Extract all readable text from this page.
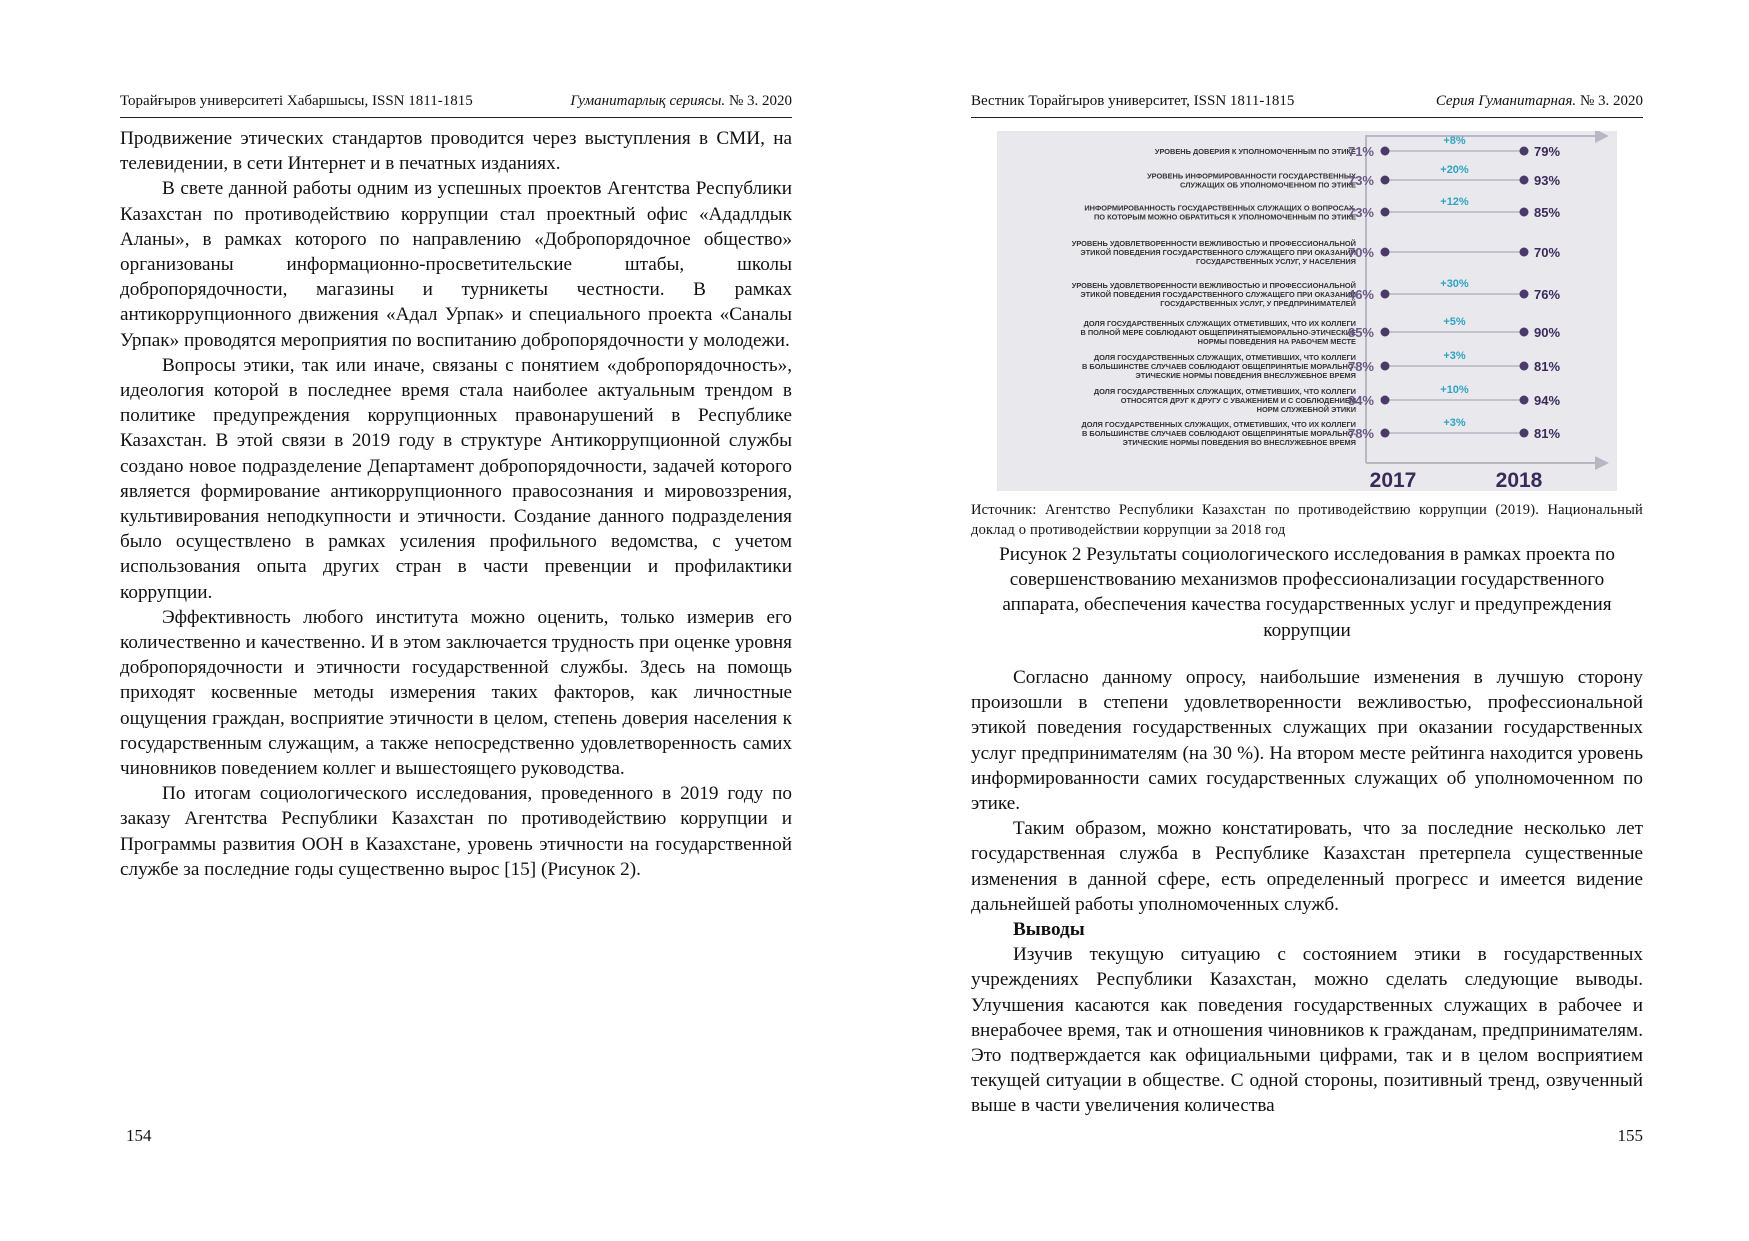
Торайғыров университеті Хабаршысы, ISSN 1811-1815	Гуманитарлық сериясы. № 3. 2020

Продвижение этических стандартов проводится через выступления в СМИ, на телевидении, в сети Интернет и в печатных изданиях.

В свете данной работы одним из успешных проектов Агентства Республики Казахстан по противодействию коррупции стал проектный офис «Ададлдык Аланы», в рамках которого по направлению «Добропорядочное общество» организованы информационно-просветительские штабы, школы добропорядочности, магазины и турникеты честности. В рамках антикоррупционного движения «Адал Урпак» и специального проекта «Саналы Урпак» проводятся мероприятия по воспитанию добропорядочности у молодежи.

Вопросы этики, так или иначе, связаны с понятием «добропорядочность», идеология которой в последнее время стала наиболее актуальным трендом в политике предупреждения коррупционных правонарушений в Республике Казахстан. В этой связи в 2019 году в структуре Антикоррупционной службы создано новое подразделение Департамент добропорядочности, задачей которого является формирование антикоррупционного правосознания и мировоззрения, культивирования неподкупности и этичности. Создание данного подразделения было осуществлено в рамках усиления профильного ведомства, с учетом использования опыта других стран в части превенции и профилактики коррупции.

Эффективность любого института можно оценить, только измерив его количественно и качественно. И в этом заключается трудность при оценке уровня добропорядочности и этичности государственной службы. Здесь на помощь приходят косвенные методы измерения таких факторов, как личностные ощущения граждан, восприятие этичности в целом, степень доверия населения к государственным служащим, а также непосредственно удовлетворенность самих чиновников поведением коллег и вышестоящего руководства.

По итогам социологического исследования, проведенного в 2019 году по заказу Агентства Республики Казахстан по противодействию коррупции и Программы развития ООН в Казахстане, уровень этичности на государственной службе за последние годы существенно вырос [15] (Рисунок 2).

154
Вестник Торайгыров университет, ISSN 1811-1815	Серия Гуманитарная. № 3. 2020
УРОВЕНЬ ДОВЕРИЯ К УПОЛНОМОЧЕННЫМ ПО ЭТИКЕ
71%	79%
+8%
УРОВЕНЬ ИНФОРМИРОВАННОСТИ ГОСУДАРСТВЕННЫХ
СЛУЖАЩИХ ОБ УПОЛНОМОЧЕННОМ ПО ЭТИКЕ
73%	93%
+20%
ИНФОРМИРОВАННОСТЬ ГОСУДАРСТВЕННЫХ СЛУЖАЩИХ О ВОПРОСАХ,
ПО КОТОРЫМ МОЖНО ОБРАТИТЬСЯ К УПОЛНОМОЧЕННЫМ ПО ЭТИКЕ
73%	85%
+12%
УРОВЕНЬ УДОВЛЕТВОРЕННОСТИ ВЕЖЛИВОСТЬЮ И ПРОФЕССИОНАЛЬНОЙ
ЭТИКОЙ ПОВЕДЕНИЯ ГОСУДАРСТВЕННОГО СЛУЖАЩЕГО ПРИ ОКАЗАНИИ
ГОСУДАРСТВЕННЫХ УСЛУГ, У НАСЕЛЕНИЯ
70%	70%
УРОВЕНЬ УДОВЛЕТВОРЕННОСТИ ВЕЖЛИВОСТЬЮ И ПРОФЕССИОНАЛЬНОЙ
ЭТИКОЙ ПОВЕДЕНИЯ ГОСУДАРСТВЕННОГО СЛУЖАЩЕГО ПРИ ОКАЗАНИИ
ГОСУДАРСТВЕННЫХ УСЛУГ, У ПРЕДПРИНИМАТЕЛЕЙ
46%	76%
+30%
ДОЛЯ ГОСУДАРСТВЕННЫХ СЛУЖАЩИХ ОТМЕТИВШИХ, ЧТО ИХ КОЛЛЕГИ
В ПОЛНОЙ МЕРЕ СОБЛЮДАЮТ ОБЩЕПРИНЯТЫЕМОРАЛЬНО-ЭТИЧЕСКИЕ
НОРМЫ ПОВЕДЕНИЯ НА РАБОЧЕМ МЕСТЕ
85%	90%
+5%
ДОЛЯ ГОСУДАРСТВЕННЫХ СЛУЖАЩИХ, ОТМЕТИВШИХ, ЧТО КОЛЛЕГИ
В БОЛЬШИНСТВЕ СЛУЧАЕВ СОБЛЮДАЮТ ОБЩЕПРИНЯТЫЕ МОРАЛЬНО-
ЭТИЧЕСКИЕ НОРМЫ ПОВЕДЕНИЯ ВНЕСЛУЖЕБНОЕ ВРЕМЯ
78%	81%
+3%
ДОЛЯ ГОСУДАРСТВЕННЫХ СЛУЖАЩИХ, ОТМЕТИВШИХ, ЧТО КОЛЛЕГИ
ОТНОСЯТСЯ ДРУГ К ДРУГУ С УВАЖЕНИЕМ И С СОБЛЮДЕНИЕМ
НОРМ СЛУЖЕБНОЙ ЭТИКИ
84%	94%
+10%
ДОЛЯ ГОСУДАРСТВЕННЫХ СЛУЖАЩИХ, ОТМЕТИВШИХ, ЧТО ИХ КОЛЛЕГИ
В БОЛЬШИНСТВЕ СЛУЧАЕВ СОБЛЮДАЮТ ОБЩЕПРИНЯТЫЕ МОРАЛЬНО-
ЭТИЧЕСКИЕ НОРМЫ ПОВЕДЕНИЯ ВО ВНЕСЛУЖЕБНОЕ ВРЕМЯ
78%	81%
+3%
2017	2018
Источник: Агентство Республики Казахстан по противодействию коррупции (2019). Национальный доклад о противодействии коррупции за 2018 год
Рисунок 2 Результаты социологического исследования в рамках проекта по совершенствованию механизмов профессионализации государственного аппарата, обеспечения качества государственных услуг и предупреждения коррупции

Согласно данному опросу, наибольшие изменения в лучшую сторону произошли в степени удовлетворенности вежливостью, профессиональной этикой поведения государственных служащих при оказании государственных услуг предпринимателям (на 30 %). На втором месте рейтинга находится уровень информированности самих государственных служащих об уполномоченном по этике.

Таким образом, можно констатировать, что за последние несколько лет государственная служба в Республике Казахстан претерпела существенные изменения в данной сфере, есть определенный прогресс и имеется видение дальнейшей работы уполномоченных служб.

Выводы

Изучив текущую ситуацию с состоянием этики в государственных учреждениях Республики Казахстан, можно сделать следующие выводы. Улучшения касаются как поведения государственных служащих в рабочее и внерабочее время, так и отношения чиновников к гражданам, предпринимателям. Это подтверждается как официальными цифрами, так и в целом восприятием текущей ситуации в обществе. С одной стороны, позитивный тренд, озвученный выше в части увеличения количества

155
